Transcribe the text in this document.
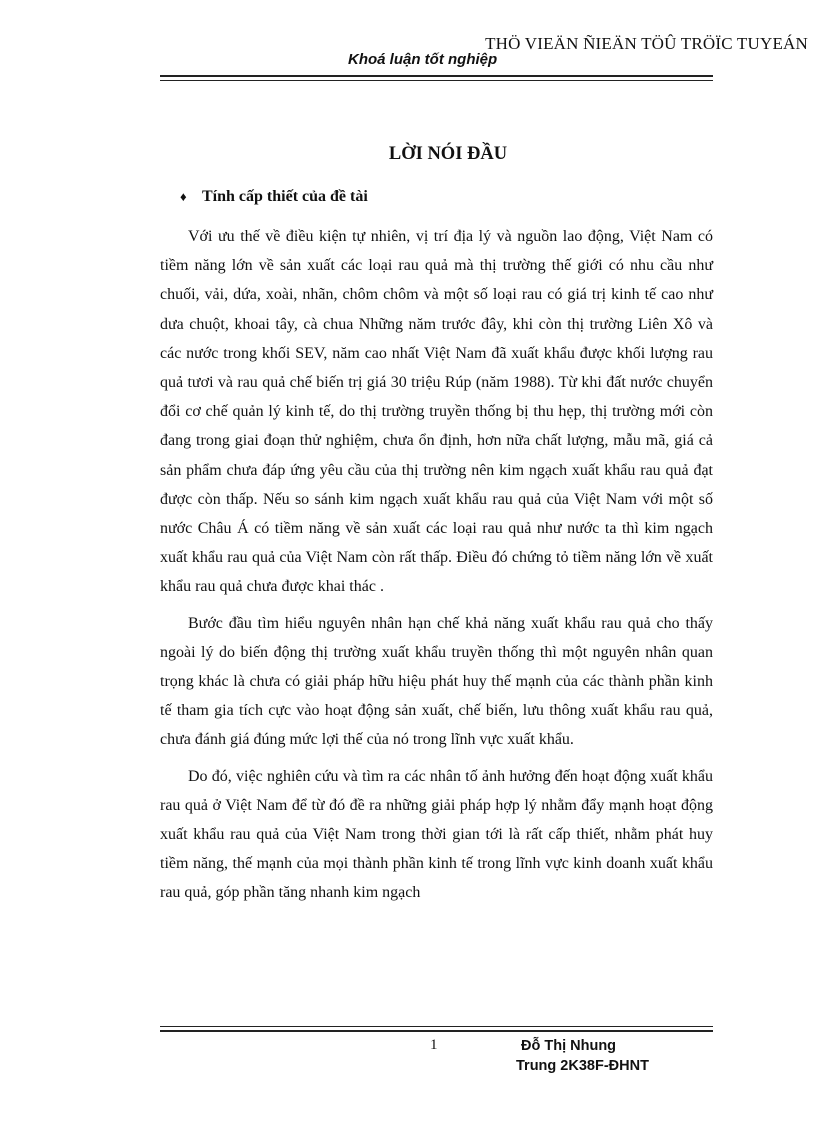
THÖ VIEÄN ÑIEÄN TÖÛ TRÖÏC TUYEÁN
Khoá luận tốt nghiệp
LỜI NÓI ĐẦU
♦ Tính cấp thiết của đề tài

Với ưu thế về điều kiện tự nhiên, vị trí địa lý và nguồn lao động, Việt Nam có tiềm năng lớn về sản xuất các loại rau quả mà thị trường thế giới có nhu cầu như chuối, vải, dứa, xoài, nhãn, chôm chôm và một số loại rau có giá trị kinh tế cao như dưa chuột, khoai tây, cà chua Những năm trước đây, khi còn thị trường Liên Xô và các nước trong khối SEV, năm cao nhất Việt Nam đã xuất khẩu được khối lượng rau quả tươi và rau quả chế biến trị giá 30 triệu Rúp (năm 1988). Từ khi đất nước chuyển đổi cơ chế quản lý kinh tế, do thị trường truyền thống bị thu hẹp, thị trường mới còn đang trong giai đoạn thử nghiệm, chưa ổn định, hơn nữa chất lượng, mẫu mã, giá cả sản phẩm chưa đáp ứng yêu cầu của thị trường nên kim ngạch xuất khẩu rau quả đạt được còn thấp. Nếu so sánh kim ngạch xuất khẩu rau quả của Việt Nam với một số nước Châu Á có tiềm năng về sản xuất các loại rau quả như nước ta thì kim ngạch xuất khẩu rau quả của Việt Nam còn rất thấp. Điều đó chứng tỏ tiềm năng lớn về xuất khẩu rau quả chưa được khai thác .

Bước đầu tìm hiểu nguyên nhân hạn chế khả năng xuất khẩu rau quả cho thấy ngoài lý do biến động thị trường xuất khẩu truyền thống thì một nguyên nhân quan trọng khác là chưa có giải pháp hữu hiệu phát huy thế mạnh của các thành phần kinh tế tham gia tích cực vào hoạt động sản xuất, chế biến, lưu thông xuất khẩu rau quả, chưa đánh giá đúng mức lợi thế của nó trong lĩnh vực xuất khẩu.

Do đó, việc nghiên cứu và tìm ra các nhân tố ảnh hưởng đến hoạt động xuất khẩu rau quả ở Việt Nam để từ đó đề ra những giải pháp hợp lý nhằm đẩy mạnh hoạt động xuất khẩu rau quả của Việt Nam trong thời gian tới là rất cấp thiết, nhằm phát huy tiềm năng, thế mạnh của mọi thành phần kinh tế trong lĩnh vực kinh doanh xuất khẩu rau quả, góp phần tăng nhanh kim ngạch

1	Đỗ Thị Nhung
Trung 2K38F-ĐHNT
